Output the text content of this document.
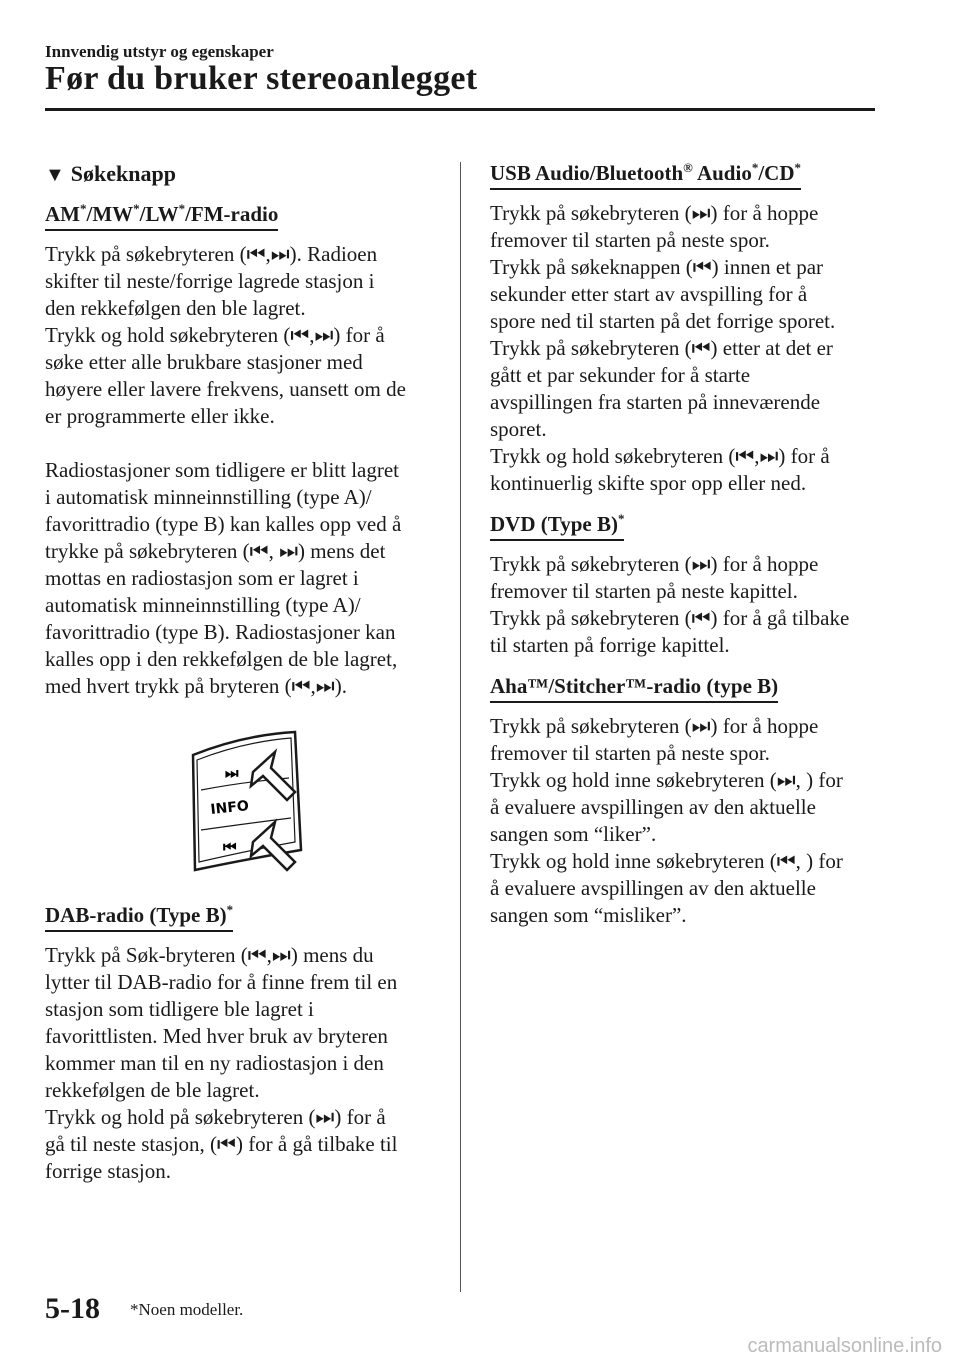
Innvendig utstyr og egenskaper
Før du bruker stereoanlegget
▼ Søkeknapp
AM*/MW*/LW*/FM-radio

Trykk på søkebryteren (⏮,⏭). Radioen

skifter til neste/forrige lagrede stasjon i

den rekkefølgen den ble lagret.

Trykk og hold søkebryteren (⏮,⏭) for å

søke etter alle brukbare stasjoner med

høyere eller lavere frekvens, uansett om de

er programmerte eller ikke.

Radiostasjoner som tidligere er blitt lagret

i automatisk minneinnstilling (type A)/

favorittradio (type B) kan kalles opp ved å

trykke på søkebryteren (⏮, ⏭) mens det

mottas en radiostasjon som er lagret i

automatisk minneinnstilling (type A)/

favorittradio (type B). Radiostasjoner kan

kalles opp i den rekkefølgen de ble lagret,

med hvert trykk på bryteren (⏮,⏭).

⏭
INFO
⏮
DAB-radio (Type B)*

Trykk på Søk-bryteren (⏮,⏭) mens du

lytter til DAB-radio for å finne frem til en

stasjon som tidligere ble lagret i

favorittlisten. Med hver bruk av bryteren

kommer man til en ny radiostasjon i den

rekkefølgen de ble lagret.

Trykk og hold på søkebryteren (⏭) for å

gå til neste stasjon, (⏮) for å gå tilbake til

forrige stasjon.

USB Audio/Bluetooth® Audio*/CD*

Trykk på søkebryteren (⏭) for å hoppe

fremover til starten på neste spor.

Trykk på søkeknappen (⏮) innen et par

sekunder etter start av avspilling for å

spore ned til starten på det forrige sporet.

Trykk på søkebryteren (⏮) etter at det er

gått et par sekunder for å starte

avspillingen fra starten på inneværende

sporet.

Trykk og hold søkebryteren (⏮,⏭) for å

kontinuerlig skifte spor opp eller ned.

DVD (Type B)*

Trykk på søkebryteren (⏭) for å hoppe

fremover til starten på neste kapittel.

Trykk på søkebryteren (⏮) for å gå tilbake

til starten på forrige kapittel.

Aha™/Stitcher™-radio (type B)

Trykk på søkebryteren (⏭) for å hoppe

fremover til starten på neste spor.

Trykk og hold inne søkebryteren (⏭, ) for

å evaluere avspillingen av den aktuelle

sangen som “liker”.

Trykk og hold inne søkebryteren (⏮, ) for

å evaluere avspillingen av den aktuelle

sangen som “misliker”.

5-18 *Noen modeller.
carmanualsonline.info
